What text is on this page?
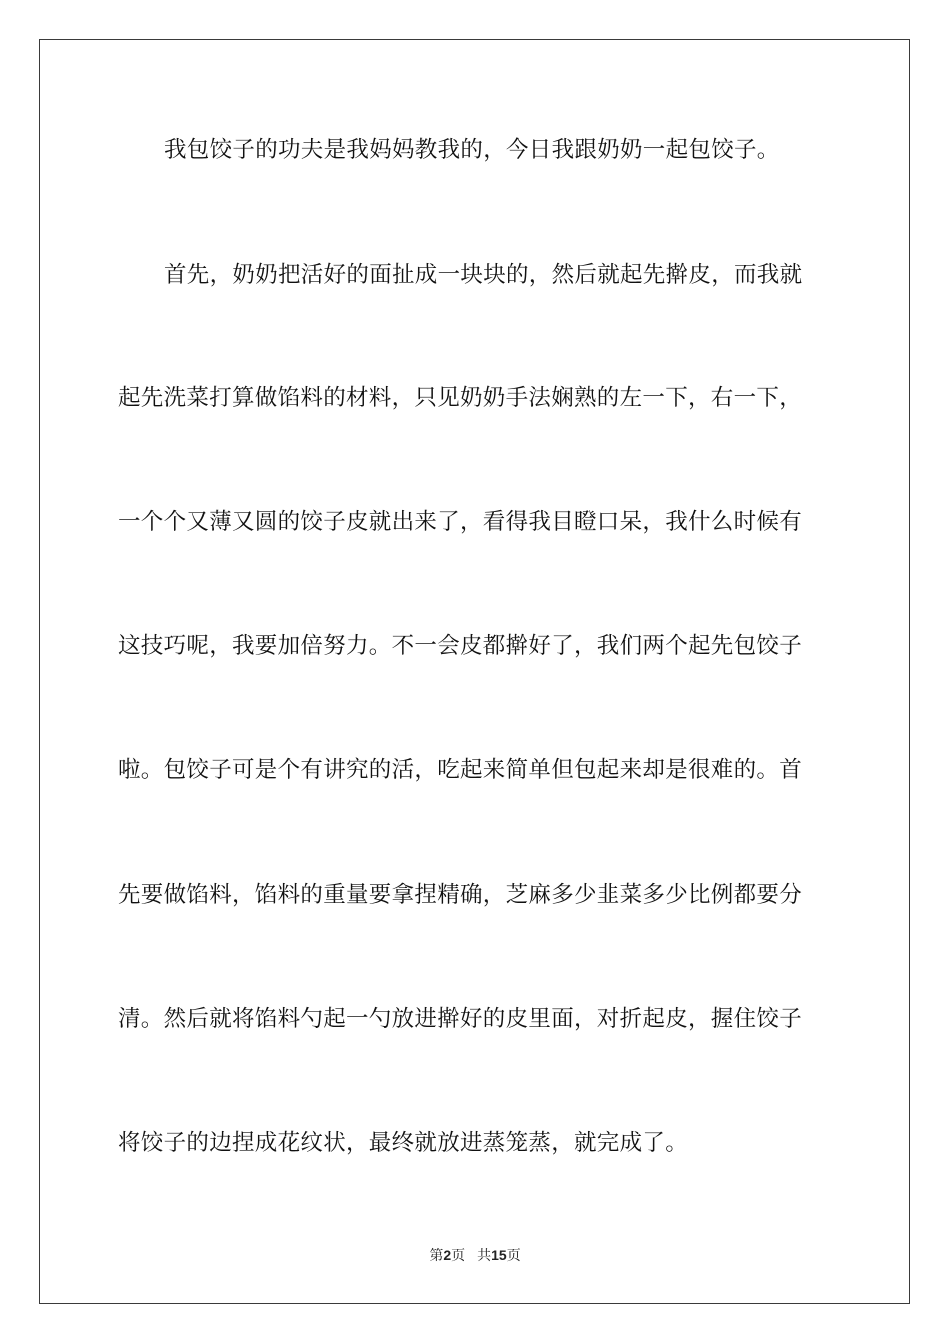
我包饺子的功夫是我妈妈教我的，今日我跟奶奶一起包饺子。

首先，奶奶把活好的面扯成一块块的，然后就起先擀皮，而我就

起先洗菜打算做馅料的材料，只见奶奶手法娴熟的左一下，右一下，

一个个又薄又圆的饺子皮就出来了，看得我目瞪口呆，我什么时候有

这技巧呢，我要加倍努力。不一会皮都擀好了，我们两个起先包饺子

啦。包饺子可是个有讲究的活，吃起来简单但包起来却是很难的。首

先要做馅料，馅料的重量要拿捏精确，芝麻多少韭菜多少比例都要分

清。然后就将馅料勺起一勺放进擀好的皮里面，对折起皮，握住饺子

将饺子的边捏成花纹状，最终就放进蒸笼蒸，就完成了。

第2页 共15页
